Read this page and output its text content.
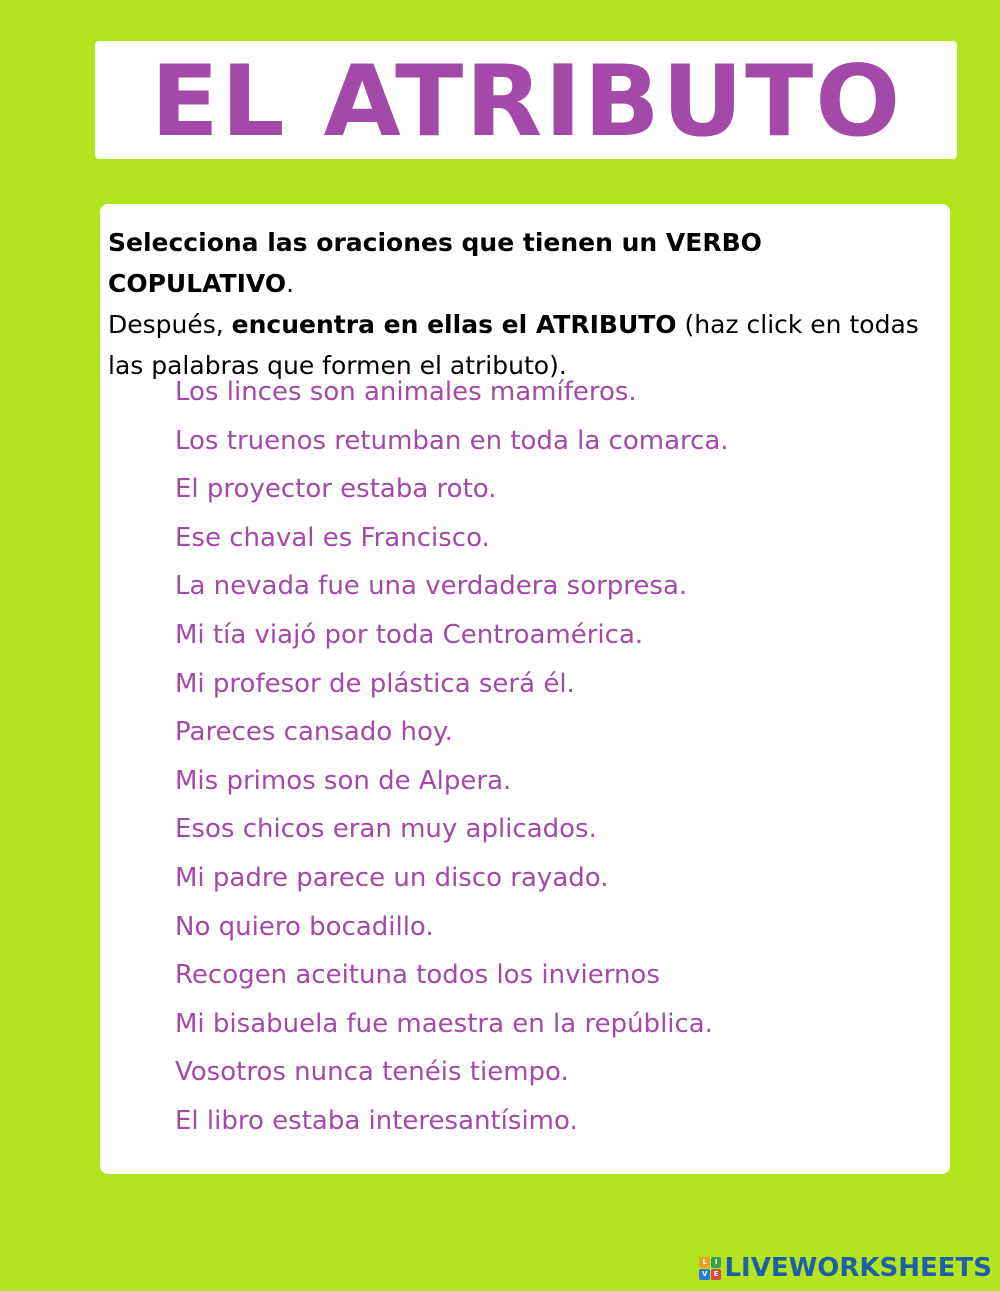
EL ATRIBUTO
Selecciona las oraciones que tienen un VERBO COPULATIVO.
Después, encuentra en ellas el ATRIBUTO (haz click en todas las palabras que formen el atributo).
Los linces son animales mamíferos.
Los truenos retumban en toda la comarca.
El proyector estaba roto.
Ese chaval es Francisco.
La nevada fue una verdadera sorpresa.
Mi tía viajó por toda Centroamérica.
Mi profesor de plástica será él.
Pareces cansado hoy.
Mis primos son de Alpera.
Esos chicos eran muy aplicados.
Mi padre parece un disco rayado.
No quiero bocadillo.
Recogen aceituna todos los inviernos
Mi bisabuela fue maestra en la república.
Vosotros nunca tenéis tiempo.
El libro estaba interesantísimo.
L	I
V E LIVEWORKSHEETS
